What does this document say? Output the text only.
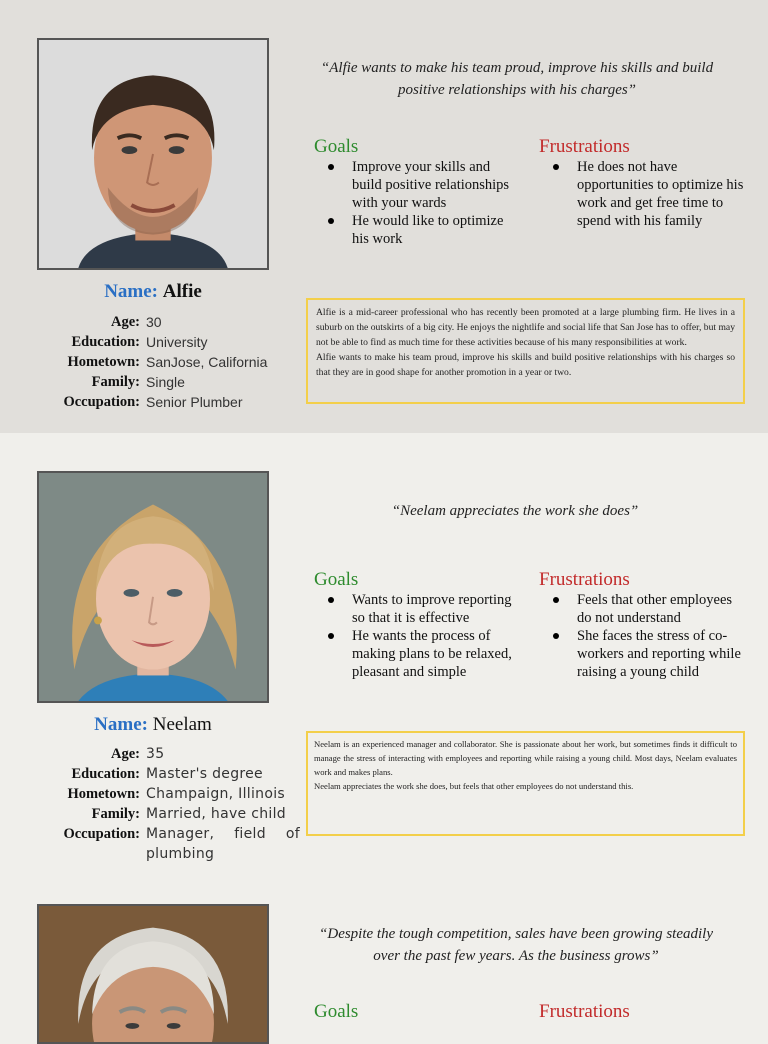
Name: Alfie
Age: 30
Education: University
Hometown: SanJose, California
Family: Single
Occupation: Senior Plumber
“Alfie wants to make his team proud, improve his skills and build positive relationships with his charges”
Goals
Improve your skills and build positive relationships with your wards
He would like to optimize his work
Frustrations
He does not have opportunities to optimize his work and get free time to spend with his family

Alfie is a mid-career professional who has recently been promoted at a large plumbing firm. He lives in a suburb on the outskirts of a big city. He enjoys the nightlife and social life that San Jose has to offer, but may not be able to find as much time for these activities because of his many responsibilities at work.

Alfie wants to make his team proud, improve his skills and build positive relationships with his charges so that they are in good shape for another promotion in a year or two.

Name: Neelam
Age: 35
Education: Master's degree
Hometown: Champaign, Illinois
Family: Married, have child
Occupation: Manager, field of plumbing
“Neelam appreciates the work she does”
Goals
Wants to improve reporting so that it is effective
He wants the process of making plans to be relaxed, pleasant and simple
Frustrations
Feels that other employees do not understand
She faces the stress of co-workers and reporting while raising a young child

Neelam is an experienced manager and collaborator. She is passionate about her work, but sometimes finds it difficult to manage the stress of interacting with employees and reporting while raising a young child. Most days, Neelam evaluates work and makes plans.

Neelam appreciates the work she does, but feels that other employees do not understand this.

“Despite the tough competition, sales have been growing steadily over the past few years. As the business grows”
Goals	Frustrations
